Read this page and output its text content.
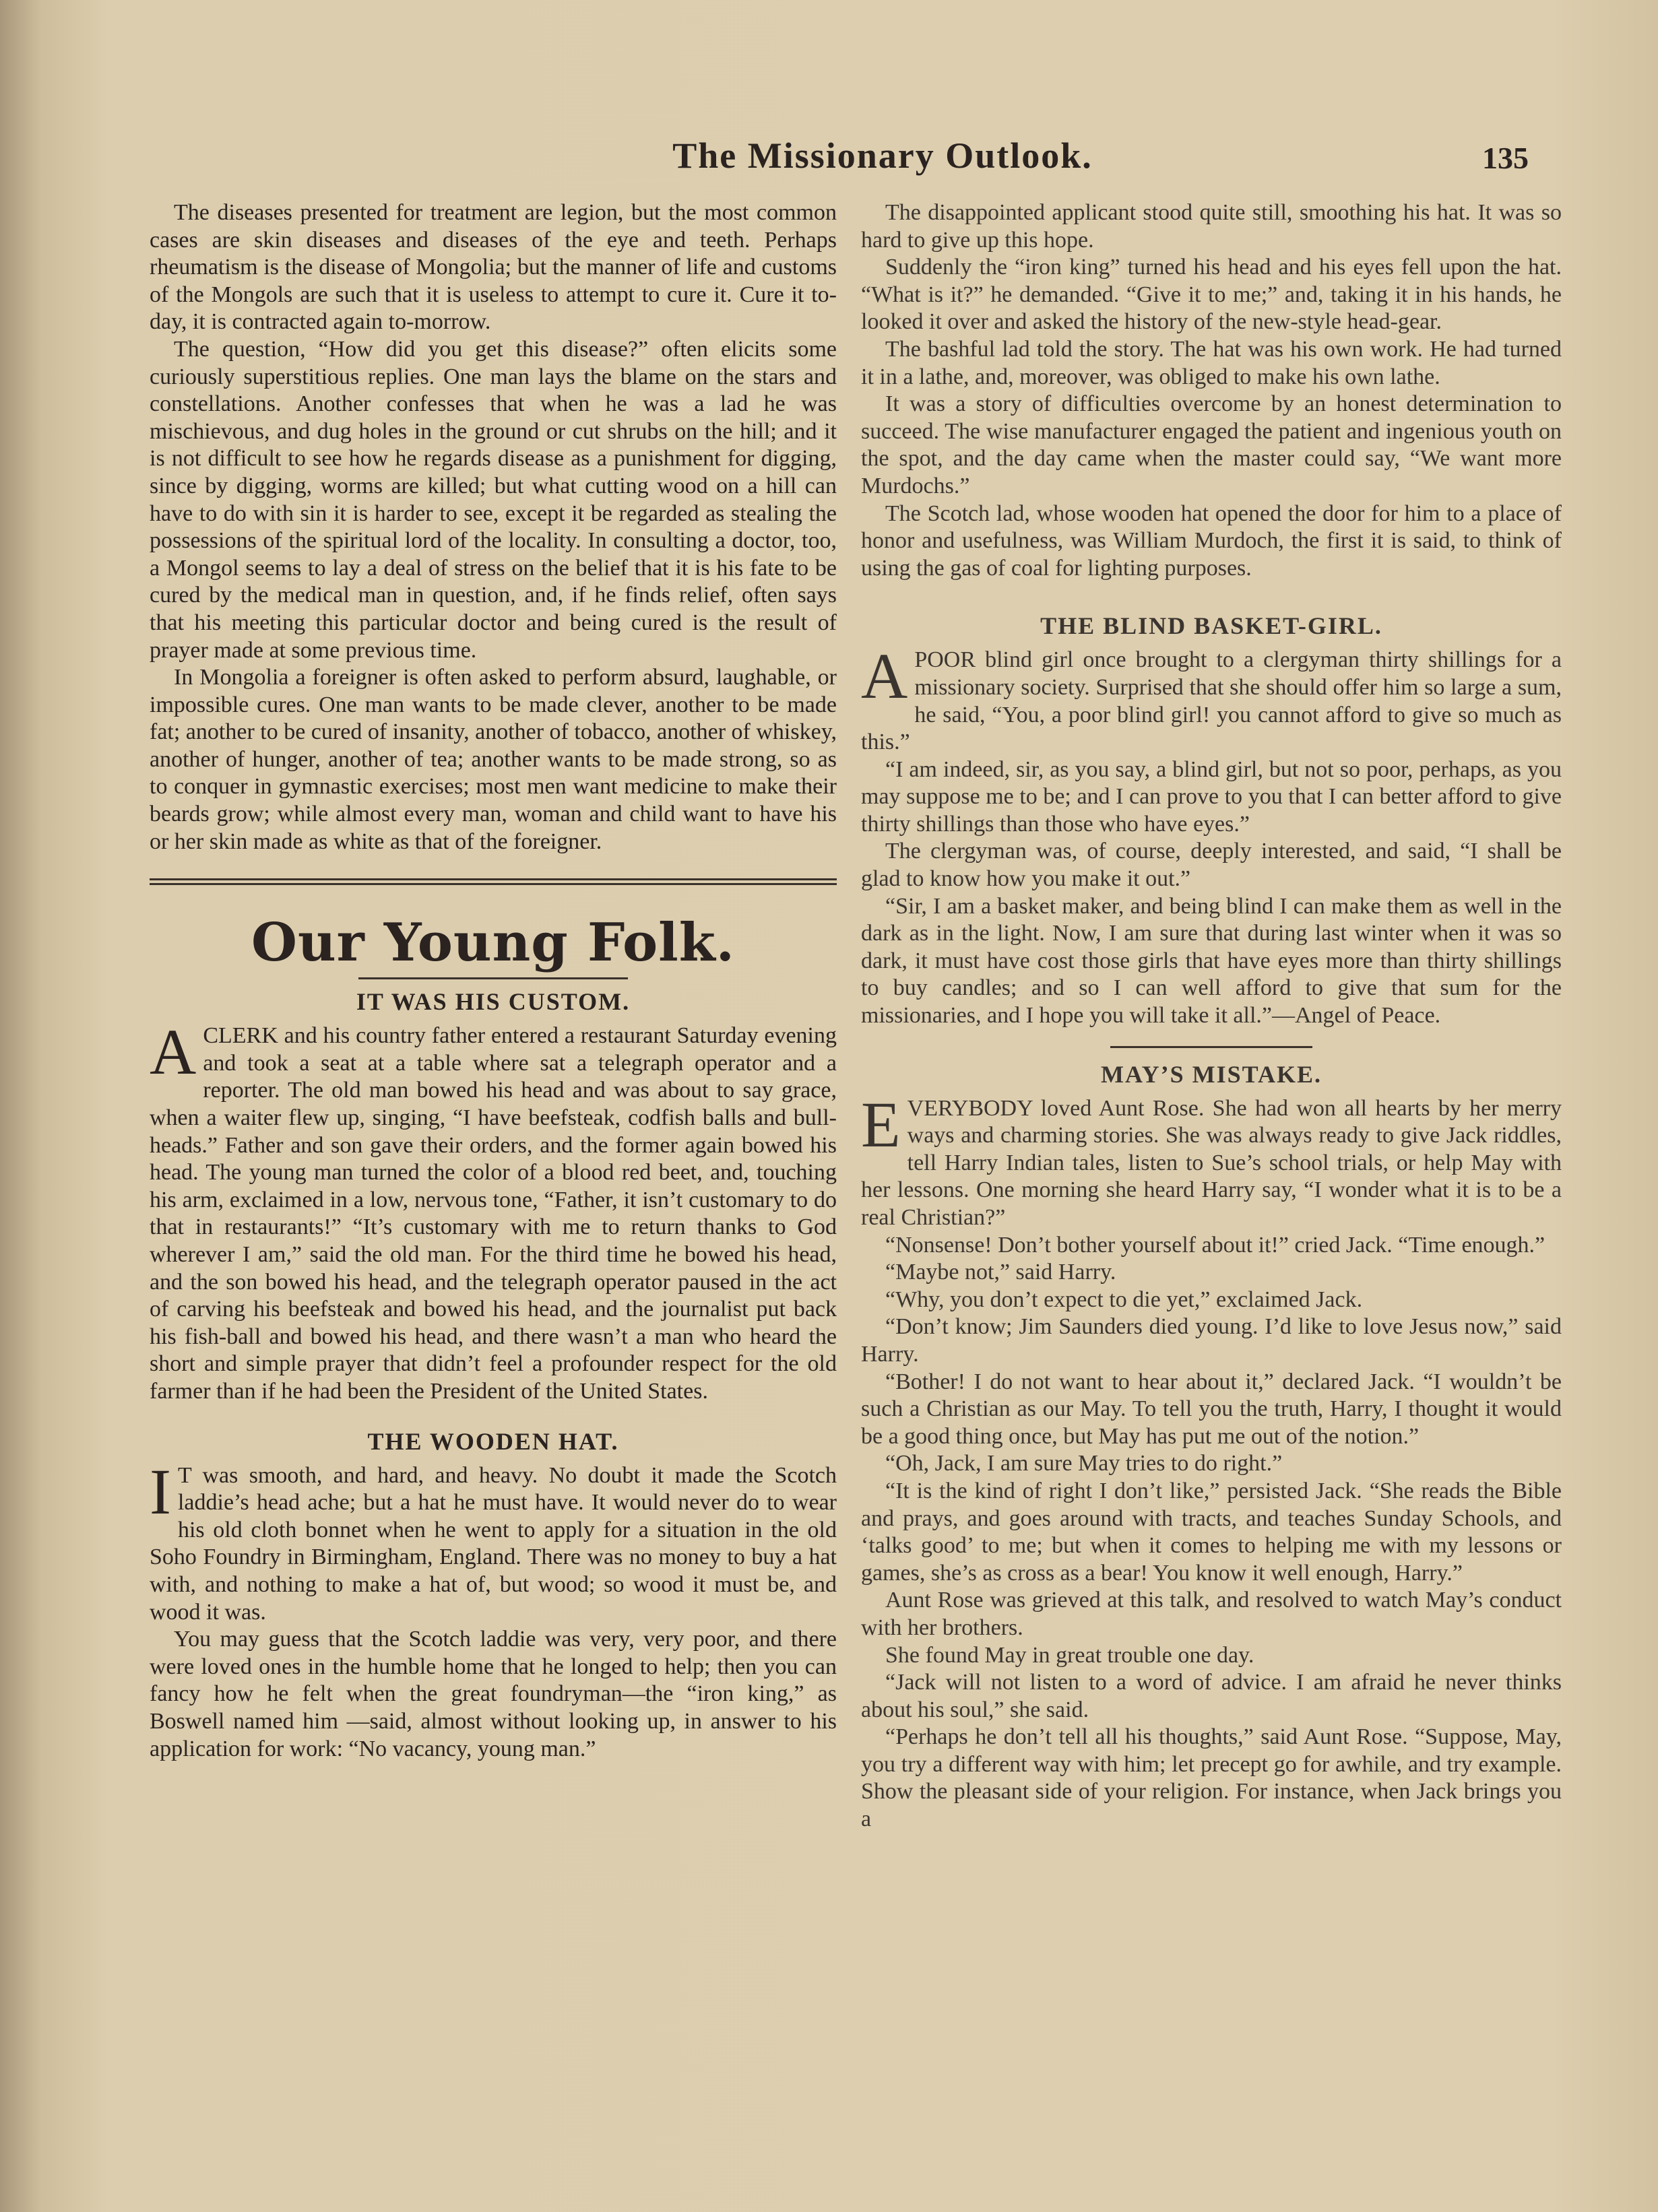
The Missionary Outlook.	135

The diseases presented for treatment are legion, but the most common cases are skin diseases and diseases of the eye and teeth. Perhaps rheumatism is the disease of Mongolia; but the manner of life and customs of the Mongols are such that it is useless to attempt to cure it. Cure it to-day, it is contracted again to-morrow.

The question, “How did you get this disease?” often elicits some curiously superstitious replies. One man lays the blame on the stars and constellations. Another confesses that when he was a lad he was mischievous, and dug holes in the ground or cut shrubs on the hill; and it is not difficult to see how he regards disease as a punishment for digging, since by digging, worms are killed; but what cutting wood on a hill can have to do with sin it is harder to see, except it be regarded as stealing the possessions of the spiritual lord of the locality. In consulting a doctor, too, a Mongol seems to lay a deal of stress on the belief that it is his fate to be cured by the medical man in question, and, if he finds relief, often says that his meeting this particular doctor and being cured is the result of prayer made at some previous time.

In Mongolia a foreigner is often asked to perform absurd, laughable, or impossible cures. One man wants to be made clever, another to be made fat; another to be cured of insanity, another of tobacco, another of whiskey, another of hunger, another of tea; another wants to be made strong, so as to conquer in gymnastic exercises; most men want medicine to make their beards grow; while almost every man, woman and child want to have his or her skin made as white as that of the foreigner.

Our Young Folk.
IT WAS HIS CUSTOM.
A CLERK and his country father entered a restaurant Saturday evening and took a seat at a table where sat a telegraph operator and a reporter. The old man bowed his head and was about to say grace, when a waiter flew up, singing, “I have beefsteak, codfish balls and bull-heads.” Father and son gave their orders, and the former again bowed his head. The young man turned the color of a blood red beet, and, touching his arm, exclaimed in a low, nervous tone, “Father, it isn’t customary to do that in restaurants!” “It’s customary with me to return thanks to God wherever I am,” said the old man. For the third time he bowed his head, and the son bowed his head, and the telegraph operator paused in the act of carving his beefsteak and bowed his head, and the journalist put back his fish-ball and bowed his head, and there wasn’t a man who heard the short and simple prayer that didn’t feel a profounder respect for the old farmer than if he had been the President of the United States.

THE WOODEN HAT.
I T was smooth, and hard, and heavy. No doubt it made the Scotch laddie’s head ache; but a hat he must have. It would never do to wear his old cloth bonnet when he went to apply for a situation in the old Soho Foundry in Birmingham, England. There was no money to buy a hat with, and nothing to make a hat of, but wood; so wood it must be, and wood it was.

You may guess that the Scotch laddie was very, very poor, and there were loved ones in the humble home that he longed to help; then you can fancy how he felt when the great foundryman—the “iron king,” as Boswell named him —said, almost without looking up, in answer to his application for work: “No vacancy, young man.”

The disappointed applicant stood quite still, smoothing his hat. It was so hard to give up this hope.

Suddenly the “iron king” turned his head and his eyes fell upon the hat. “What is it?” he demanded. “Give it to me;” and, taking it in his hands, he looked it over and asked the history of the new-style head-gear.

The bashful lad told the story. The hat was his own work. He had turned it in a lathe, and, moreover, was obliged to make his own lathe.

It was a story of difficulties overcome by an honest determination to succeed. The wise manufacturer engaged the patient and ingenious youth on the spot, and the day came when the master could say, “We want more Murdochs.”

The Scotch lad, whose wooden hat opened the door for him to a place of honor and usefulness, was William Murdoch, the first it is said, to think of using the gas of coal for lighting purposes.

THE BLIND BASKET-GIRL.
A POOR blind girl once brought to a clergyman thirty shillings for a missionary society. Surprised that she should offer him so large a sum, he said, “You, a poor blind girl! you cannot afford to give so much as this.”

“I am indeed, sir, as you say, a blind girl, but not so poor, perhaps, as you may suppose me to be; and I can prove to you that I can better afford to give thirty shillings than those who have eyes.”

The clergyman was, of course, deeply interested, and said, “I shall be glad to know how you make it out.”

“Sir, I am a basket maker, and being blind I can make them as well in the dark as in the light. Now, I am sure that during last winter when it was so dark, it must have cost those girls that have eyes more than thirty shillings to buy candles; and so I can well afford to give that sum for the missionaries, and I hope you will take it all.”—Angel of Peace.

MAY’S MISTAKE.
E VERYBODY loved Aunt Rose. She had won all hearts by her merry ways and charming stories. She was always ready to give Jack riddles, tell Harry Indian tales, listen to Sue’s school trials, or help May with her lessons. One morning she heard Harry say, “I wonder what it is to be a real Christian?”

“Nonsense! Don’t bother yourself about it!” cried Jack. “Time enough.”

“Maybe not,” said Harry.

“Why, you don’t expect to die yet,” exclaimed Jack.

“Don’t know; Jim Saunders died young. I’d like to love Jesus now,” said Harry.

“Bother! I do not want to hear about it,” declared Jack. “I wouldn’t be such a Christian as our May. To tell you the truth, Harry, I thought it would be a good thing once, but May has put me out of the notion.”

“Oh, Jack, I am sure May tries to do right.”

“It is the kind of right I don’t like,” persisted Jack. “She reads the Bible and prays, and goes around with tracts, and teaches Sunday Schools, and ‘talks good’ to me; but when it comes to helping me with my lessons or games, she’s as cross as a bear! You know it well enough, Harry.”

Aunt Rose was grieved at this talk, and resolved to watch May’s conduct with her brothers.

She found May in great trouble one day.

“Jack will not listen to a word of advice. I am afraid he never thinks about his soul,” she said.

“Perhaps he don’t tell all his thoughts,” said Aunt Rose. “Suppose, May, you try a different way with him; let precept go for awhile, and try example. Show the pleasant side of your religion. For instance, when Jack brings you a
